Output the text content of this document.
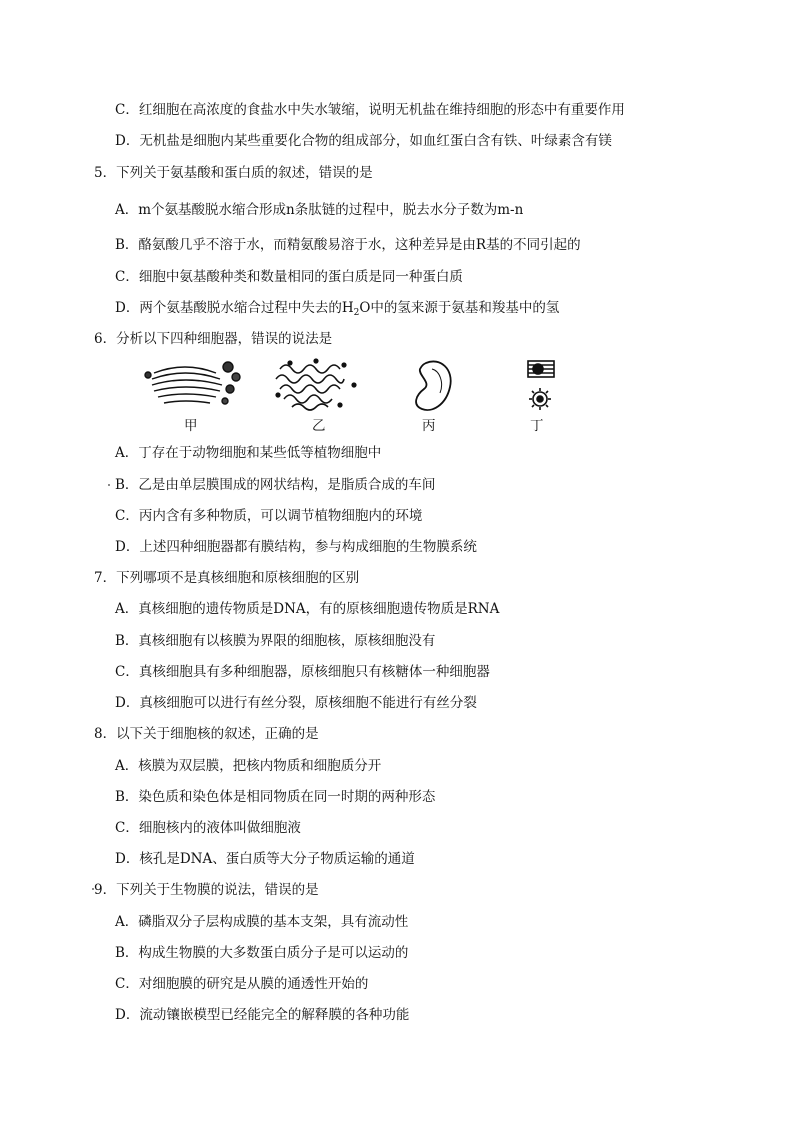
C．红细胞在高浓度的食盐水中失水皱缩，说明无机盐在维持细胞的形态中有重要作用
D．无机盐是细胞内某些重要化合物的组成部分，如血红蛋白含有铁、叶绿素含有镁
5．下列关于氨基酸和蛋白质的叙述，错误的是
A．m个氨基酸脱水缩合形成n条肽链的过程中，脱去水分子数为m-n
B．酪氨酸几乎不溶于水，而精氨酸易溶于水，这种差异是由R基的不同引起的
C．细胞中氨基酸种类和数量相同的蛋白质是同一种蛋白质
D．两个氨基酸脱水缩合过程中失去的$H_2O$中的氢来源于氨基和羧基中的氢
6．分析以下四种细胞器，错误的说法是
甲	乙	丙	丁
A．丁存在于动物细胞和某些低等植物细胞中
B．乙是由单层膜围成的网状结构，是脂质合成的车间
C．丙内含有多种物质，可以调节植物细胞内的环境
D．上述四种细胞器都有膜结构，参与构成细胞的生物膜系统
7．下列哪项不是真核细胞和原核细胞的区别
A．真核细胞的遗传物质是DNA，有的原核细胞遗传物质是RNA
B．真核细胞有以核膜为界限的细胞核，原核细胞没有
C．真核细胞具有多种细胞器，原核细胞只有核糖体一种细胞器
D．真核细胞可以进行有丝分裂，原核细胞不能进行有丝分裂
8．以下关于细胞核的叙述，正确的是
A．核膜为双层膜，把核内物质和细胞质分开
B．染色质和染色体是相同物质在同一时期的两种形态
C．细胞核内的液体叫做细胞液
D．核孔是DNA、蛋白质等大分子物质运输的通道
9．下列关于生物膜的说法，错误的是
A．磷脂双分子层构成膜的基本支架，具有流动性
B．构成生物膜的大多数蛋白质分子是可以运动的
C．对细胞膜的研究是从膜的通透性开始的
D．流动镶嵌模型已经能完全的解释膜的各种功能
